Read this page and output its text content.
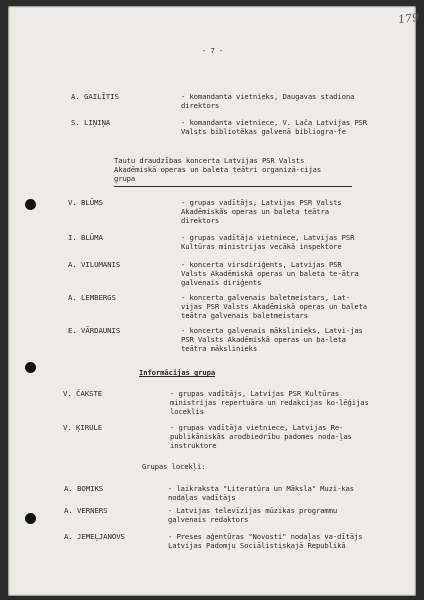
179
- 7 -
A. GAILĪTIS	- komandanta vietnieks, Daugavas stadiona direktors
S. LIŅIŅA	- komandanta vietniece, V. Lača Latvijas PSR Valsts bibliotēkas galvenā bibliogra-fe
Tautu draudzības koncerta Latvijas PSR Valsts Akadēmiskā operas un baleta teātri organizā-cijas grupa
V. BLŪMS	- grupas vadītājs, Latvijas PSR Valsts Akadēmiskās operas un baleta teātra direktors
I. BLŪMA	- grupas vadītāja vietniece, Latvijas PSR Kultūras ministrijas vecākā inspektore
A. VILUMANIS	- koncerta virsdiriģents, Latvijas PSR Valsts Akadēmiskā operas un baleta te-ātra galvenais diriģents
A. LEMBERGS	- koncerta galvenais baletmeistars, Lat-vijas PSR Valsts Akadēmiskā operas un baleta teātra galvenais baletmeistars
E. VĀRDAUNIS	- koncerta galvenais mākslinieks, Latvi-jas PSR Valsts Akadēmiskā operas un ba-leta teātra mākslinieks
Informācijas grupa
V. ČAKSTE	- grupas vadītājs, Latvijas PSR Kultūras ministrijas repertuāra un redakcijas ko-lēģijas loceklis
V. ĶIRULE	- grupas vadītāja vietniece, Latvijas Re-publikāniskās arodbiedrību padomes noda-ļas instruktore
Grupas locekļi:
A. BOMIKS	- laikraksta "Literatūra un Māksla" Muzi-kas nodaļas vadītājs
A. VERNERS	- Latvijas televīzijas mūzikas programmu galvenais redaktors
A. JEMEĻJANOVS	- Preses aģentūras "Novosti" nodaļas va-dītājs Latvijas Padomju Sociālistiskajā Republikā
